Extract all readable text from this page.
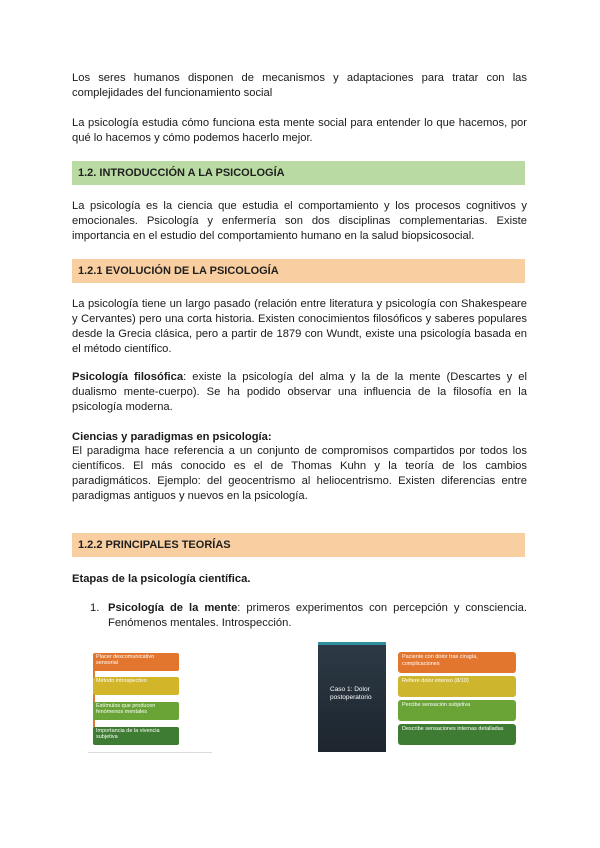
Los seres humanos disponen de mecanismos y adaptaciones para tratar con las complejidades del funcionamiento social

La psicología estudia cómo funciona esta mente social para entender lo que hacemos, por qué lo hacemos y cómo podemos hacerlo mejor.

1.2. INTRODUCCIÓN A LA PSICOLOGÍA

La psicología es la ciencia que estudia el comportamiento y los procesos cognitivos y emocionales. Psicología y enfermería son dos disciplinas complementarias. Existe importancia en el estudio del comportamiento humano en la salud biopsicosocial.

1.2.1 EVOLUCIÓN DE LA PSICOLOGÍA

La psicología tiene un largo pasado (relación entre literatura y psicología con Shakespeare y Cervantes) pero una corta historia. Existen conocimientos filosóficos y saberes populares desde la Grecia clásica, pero a partir de 1879 con Wundt, existe una psicología basada en el método científico.

Psicología filosófica: existe la psicología del alma y la de la mente (Descartes y el dualismo mente-cuerpo). Se ha podido observar una influencia de la filosofía en la psicología moderna.

Ciencias y paradigmas en psicología:

El paradigma hace referencia a un conjunto de compromisos compartidos por todos los científicos. El más conocido es el de Thomas Kuhn y la teoría de los cambios paradigmáticos. Ejemplo: del geocentrismo al heliocentrismo. Existen diferencias entre paradigmas antiguos y nuevos en la psicología.

1.2.2 PRINCIPALES TEORÍAS

Etapas de la psicología científica.

1. Psicología de la mente: primeros experimentos con percepción y consciencia. Fenómenos mentales. Introspección.
Placer descomunicativo sensorial
Método introspectivo
Estímulos que producen fenómenos mentales
Importancia de la vivencia subjetiva
Caso 1: Dolor postoperatorio
Paciente con dolor tras cirugía, complicaciones
Refiere dolor intenso (8/10)
Percibe sensación subjetiva
Describe sensaciones internas detalladas
